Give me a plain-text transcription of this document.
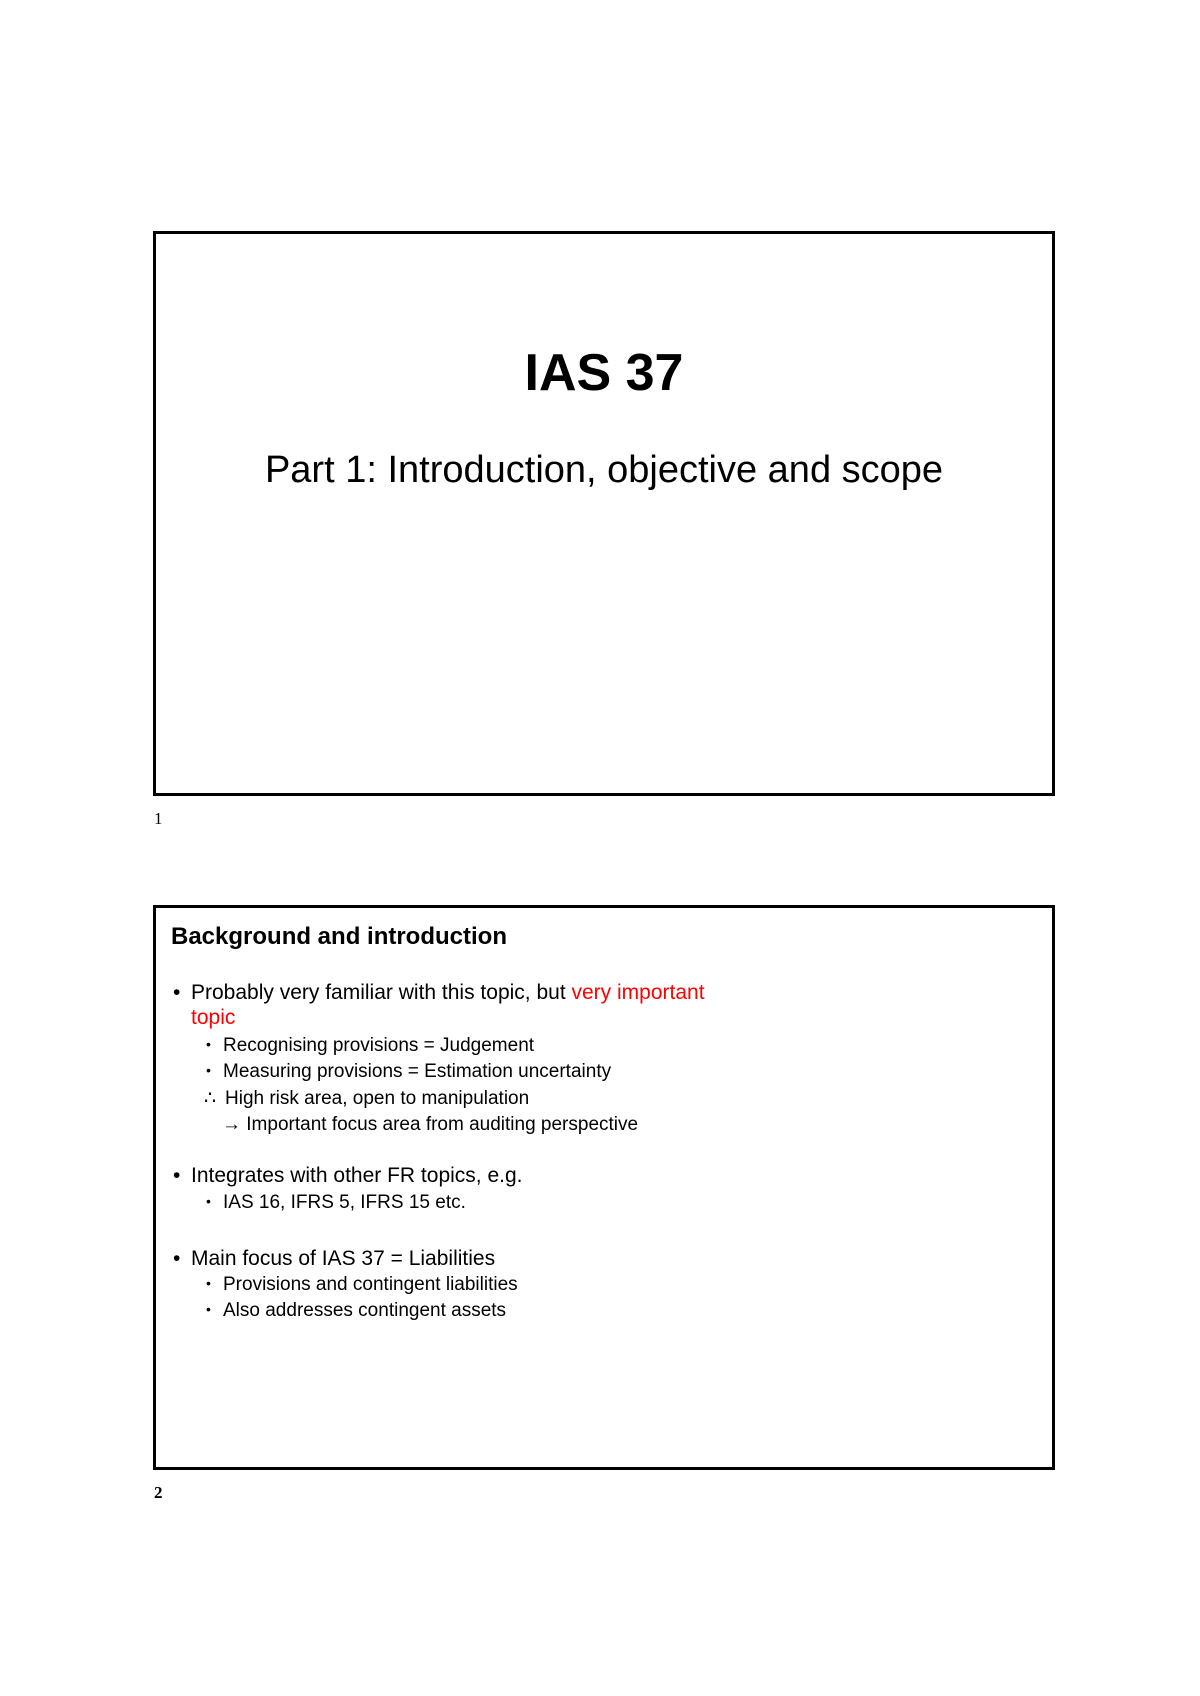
IAS 37
Part 1: Introduction, objective and scope
1
Background and introduction
• Probably very familiar with this topic, but very important
topic
• Recognising provisions = Judgement
• Measuring provisions = Estimation uncertainty
∴ High risk area, open to manipulation
→ Important focus area from auditing perspective
• Integrates with other FR topics, e.g.
• IAS 16, IFRS 5, IFRS 15 etc.
• Main focus of IAS 37 = Liabilities
• Provisions and contingent liabilities
• Also addresses contingent assets
2
